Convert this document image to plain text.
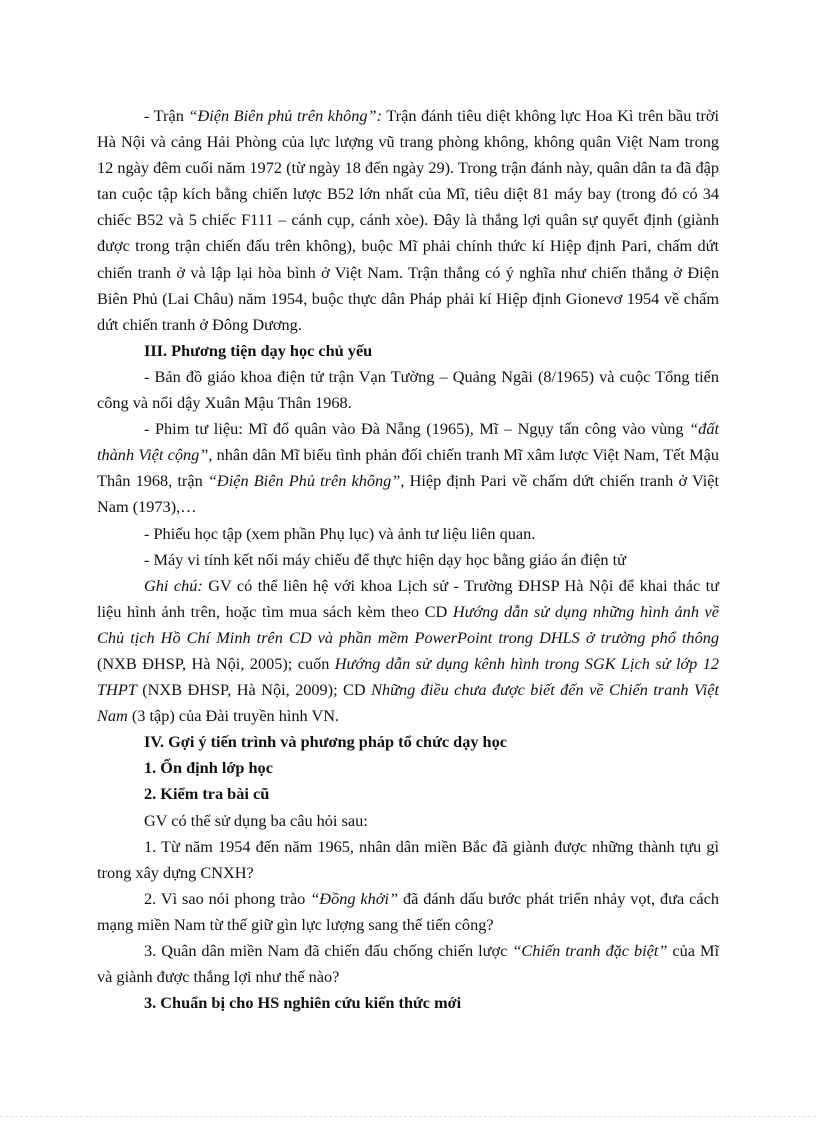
- Trận “Điện Biên phủ trên không”: Trận đánh tiêu diệt không lực Hoa Kì trên bầu trời Hà Nội và cảng Hải Phòng của lực lượng vũ trang phòng không, không quân Việt Nam trong 12 ngày đêm cuối năm 1972 (từ ngày 18 đến ngày 29). Trong trận đánh này, quân dân ta đã đập tan cuộc tập kích bằng chiến lược B52 lớn nhất của Mĩ, tiêu diệt 81 máy bay (trong đó có 34 chiếc B52 và 5 chiếc F111 – cánh cụp, cánh xòe). Đây là thắng lợi quân sự quyết định (giành được trong trận chiến đấu trên không), buộc Mĩ phải chính thức kí Hiệp định Pari, chấm dứt chiến tranh ở và lập lại hòa bình ở Việt Nam. Trận thắng có ý nghĩa như chiến thắng ở Điện Biên Phủ (Lai Châu) năm 1954, buộc thực dân Pháp phải kí Hiệp định Gionevơ 1954 về chấm dứt chiến tranh ở Đông Dương.

III. Phương tiện dạy học chủ yếu

- Bản đồ giáo khoa điện tử trận Vạn Tường – Quảng Ngãi (8/1965) và cuộc Tổng tiến công và nổi dậy Xuân Mậu Thân 1968.

- Phim tư liệu: Mĩ đổ quân vào Đà Nẵng (1965), Mĩ – Ngụy tấn công vào vùng “đất thành Việt cộng”, nhân dân Mĩ biểu tình phản đối chiến tranh Mĩ xâm lược Việt Nam, Tết Mậu Thân 1968, trận “Điện Biên Phủ trên không”, Hiệp định Pari về chấm dứt chiến tranh ở Việt Nam (1973),…

- Phiếu học tập (xem phần Phụ lục) và ảnh tư liệu liên quan.

- Máy vi tính kết nối máy chiếu để thực hiện dạy học bằng giáo án điện tử

Ghi chú: GV có thể liên hệ với khoa Lịch sử - Trường ĐHSP Hà Nội để khai thác tư liệu hình ảnh trên, hoặc tìm mua sách kèm theo CD Hướng dẫn sử dụng những hình ảnh về Chủ tịch Hồ Chí Minh trên CD và phần mềm PowerPoint trong DHLS ở trường phổ thông (NXB ĐHSP, Hà Nội, 2005); cuốn Hướng dẫn sử dụng kênh hình trong SGK Lịch sử lớp 12 THPT (NXB ĐHSP, Hà Nội, 2009); CD Những điều chưa được biết đến về Chiến tranh Việt Nam (3 tập) của Đài truyền hình VN.

IV. Gợi ý tiến trình và phương pháp tổ chức dạy học

1. Ổn định lớp học

2. Kiểm tra bài cũ

GV có thể sử dụng ba câu hỏi sau:

1. Từ năm 1954 đến năm 1965, nhân dân miền Bắc đã giành được những thành tựu gì trong xây dựng CNXH?

2. Vì sao nói phong trào “Đồng khởi” đã đánh dấu bước phát triển nhảy vọt, đưa cách mạng miền Nam từ thế giữ gìn lực lượng sang thế tiến công?

3. Quân dân miền Nam đã chiến đấu chống chiến lược “Chiến tranh đặc biệt” của Mĩ và giành được thắng lợi như thế nào?

3. Chuẩn bị cho HS nghiên cứu kiến thức mới
